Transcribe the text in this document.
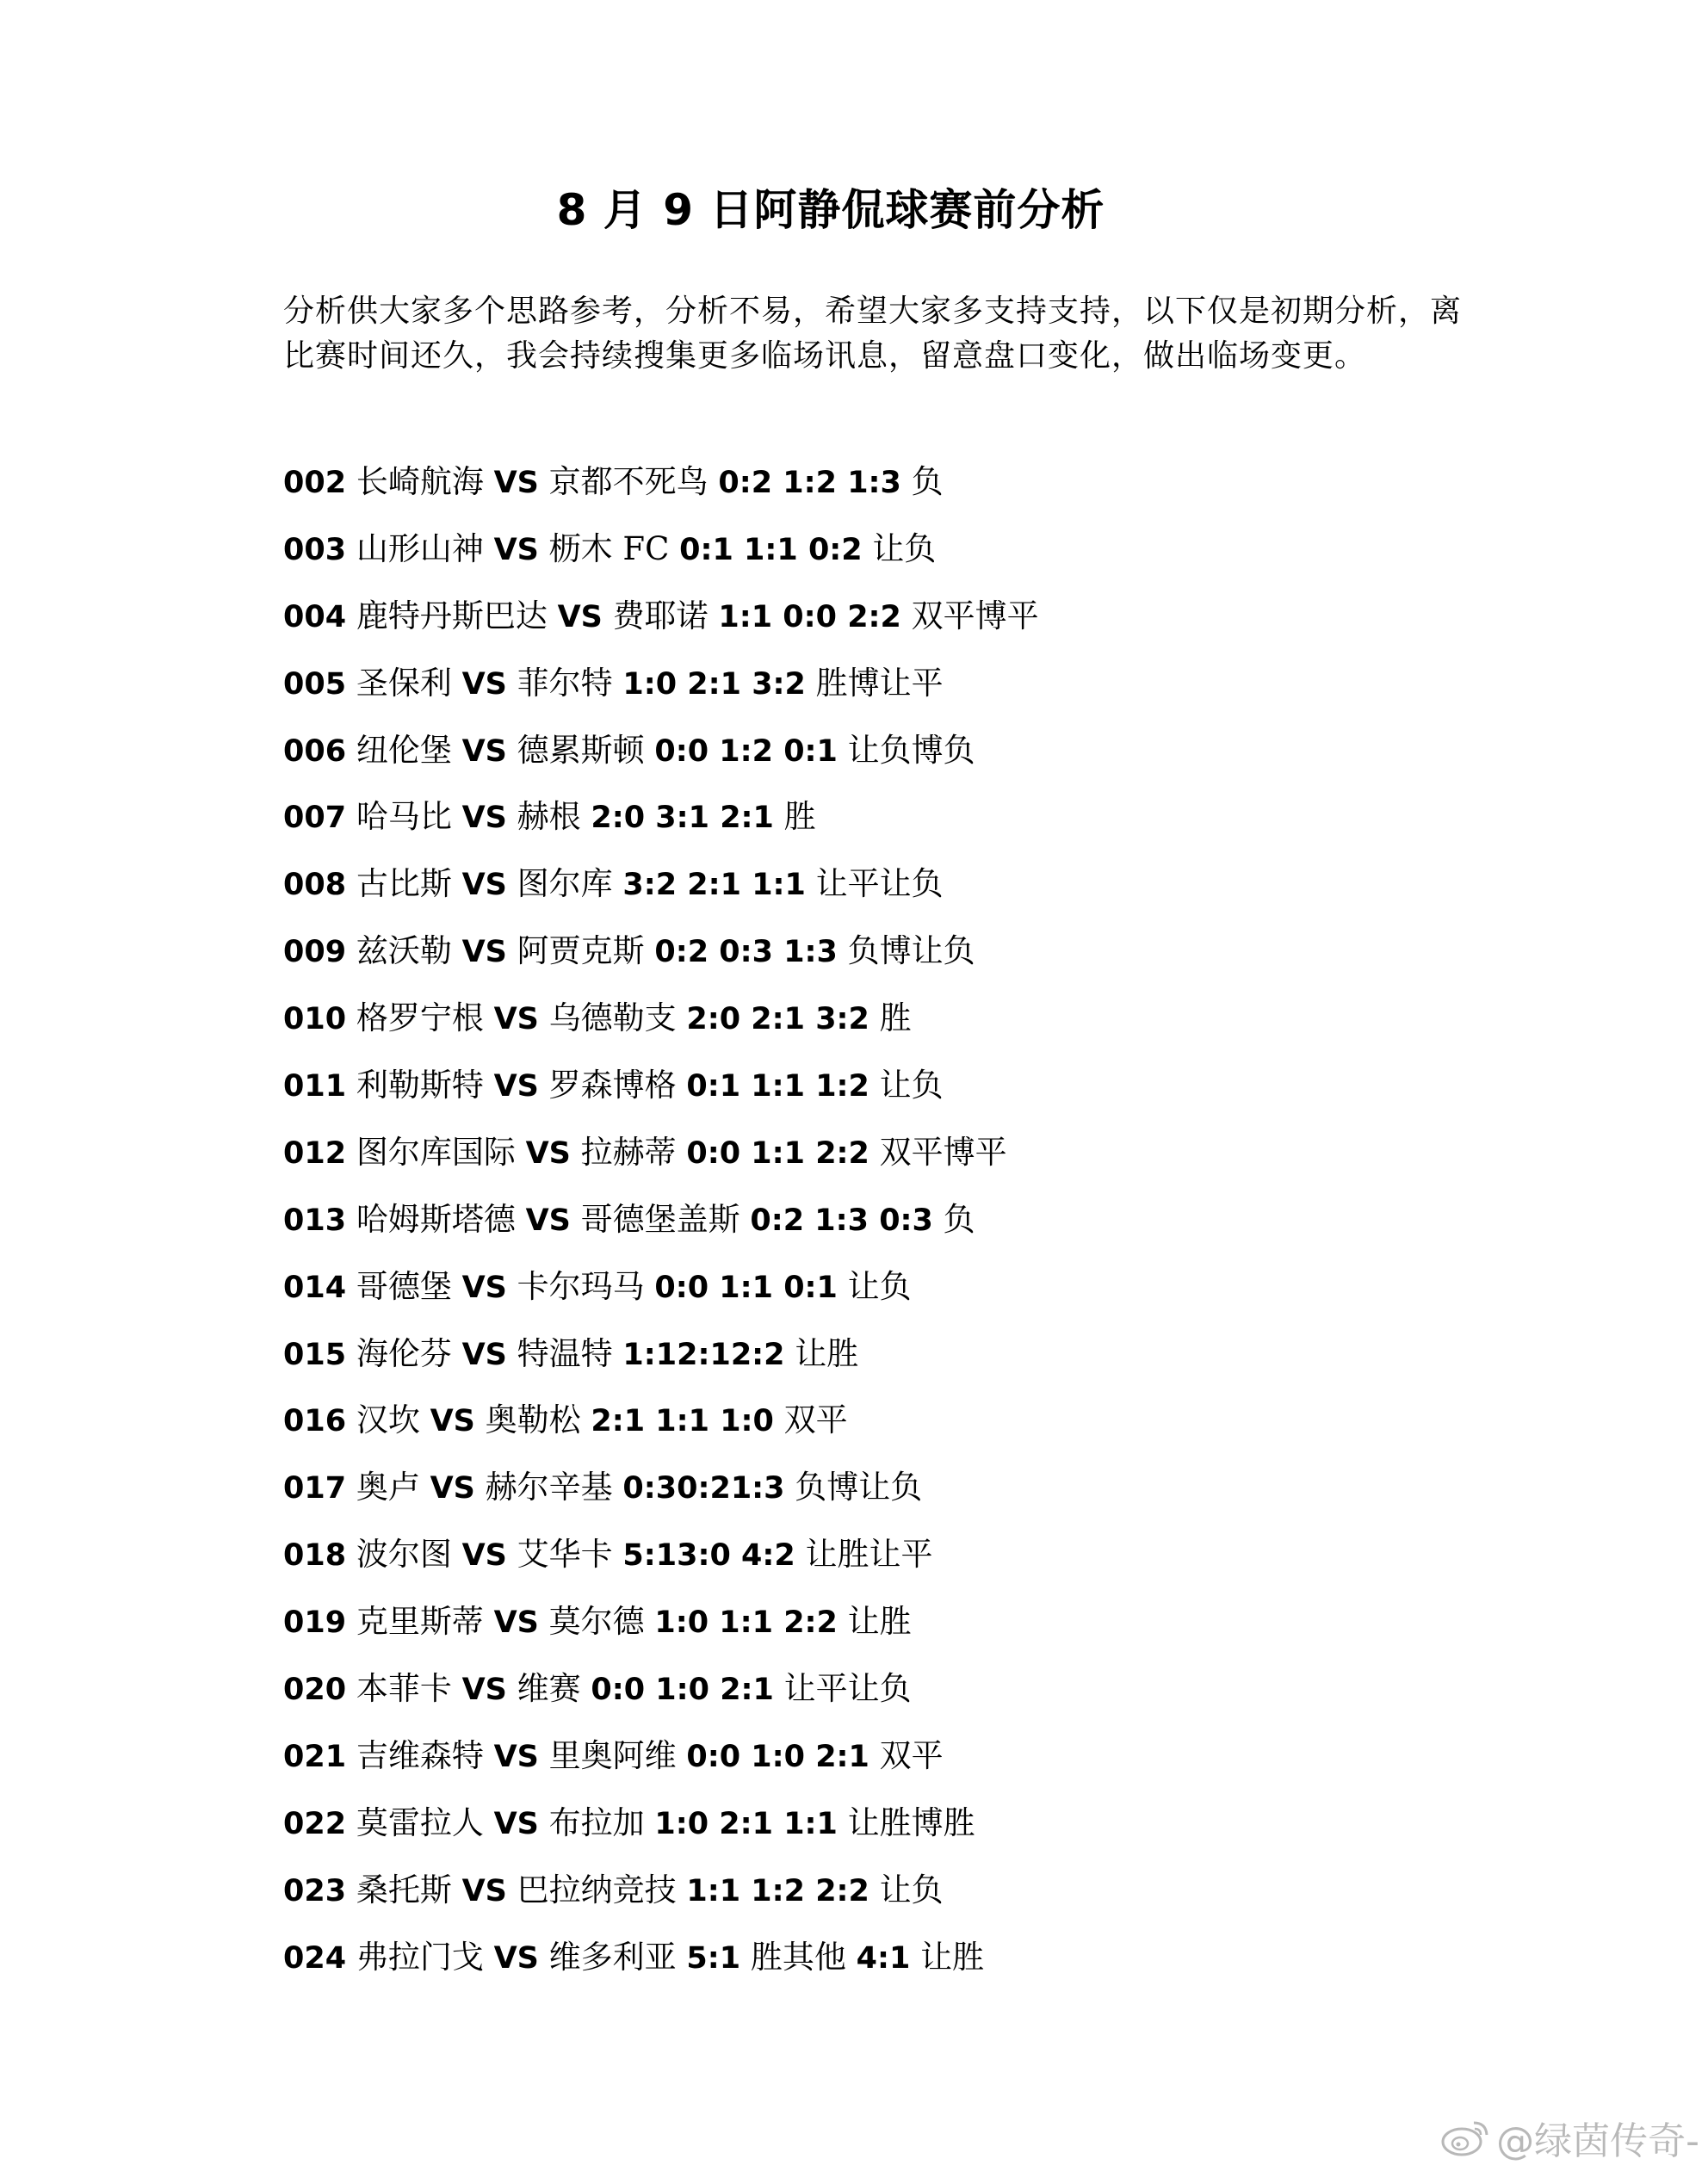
8 月 9 日阿静侃球赛前分析
分析供大家多个思路参考，分析不易，希望大家多支持支持，以下仅是初期分析，离比赛时间还久，我会持续搜集更多临场讯息，留意盘口变化，做出临场变更。
002 长崎航海 VS 京都不死鸟 0:2 1:2 1:3 负
003 山形山神 VS 枥木 FC 0:1 1:1 0:2 让负
004 鹿特丹斯巴达 VS 费耶诺 1:1 0:0 2:2 双平博平
005 圣保利 VS 菲尔特 1:0 2:1 3:2 胜博让平
006 纽伦堡 VS 德累斯顿 0:0 1:2 0:1 让负博负
007 哈马比 VS 赫根 2:0 3:1 2:1 胜
008 古比斯 VS 图尔库 3:2 2:1 1:1 让平让负
009 兹沃勒 VS 阿贾克斯 0:2 0:3 1:3 负博让负
010 格罗宁根 VS 乌德勒支 2:0 2:1 3:2 胜
011 利勒斯特 VS 罗森博格 0:1 1:1 1:2 让负
012 图尔库国际 VS 拉赫蒂 0:0 1:1 2:2 双平博平
013 哈姆斯塔德 VS 哥德堡盖斯 0:2 1:3 0:3 负
014 哥德堡 VS 卡尔玛马 0:0 1:1 0:1 让负
015 海伦芬 VS 特温特 1:12:12:2 让胜
016 汉坎 VS 奥勒松 2:1 1:1 1:0 双平
017 奥卢 VS 赫尔辛基 0:30:21:3 负博让负
018 波尔图 VS 艾华卡 5:13:0 4:2 让胜让平
019 克里斯蒂 VS 莫尔德 1:0 1:1 2:2 让胜
020 本菲卡 VS 维赛 0:0 1:0 2:1 让平让负
021 吉维森特 VS 里奥阿维 0:0 1:0 2:1 双平
022 莫雷拉人 VS 布拉加 1:0 2:1 1:1 让胜博胜
023 桑托斯 VS 巴拉纳竞技 1:1 1:2 2:2 让负
024 弗拉门戈 VS 维多利亚 5:1 胜其他 4:1 让胜
@绿茵传奇-
